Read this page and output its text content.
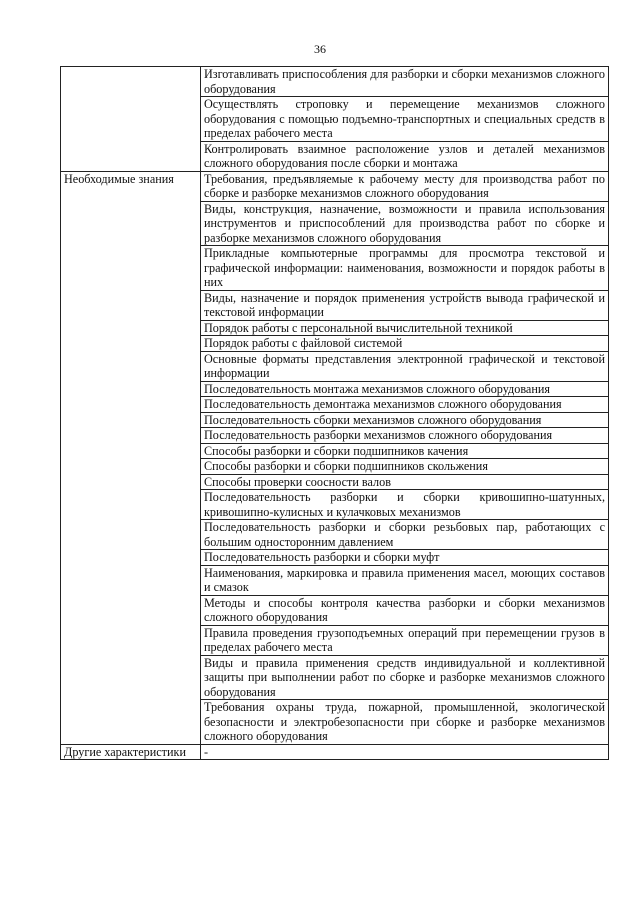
36
	Изготавливать приспособления для разборки и сборки механизмов сложного оборудования
	Осуществлять строповку и перемещение механизмов сложного оборудования с помощью подъемно-транспортных и специальных средств в пределах рабочего места
	Контролировать взаимное расположение узлов и деталей механизмов сложного оборудования после сборки и монтажа
Необходимые знания	Требования, предъявляемые к рабочему месту для производства работ по сборке и разборке механизмов сложного оборудования
	Виды, конструкция, назначение, возможности и правила использования инструментов и приспособлений для производства работ по сборке и разборке механизмов сложного оборудования
	Прикладные компьютерные программы для просмотра текстовой и графической информации: наименования, возможности и порядок работы в них
	Виды, назначение и порядок применения устройств вывода графической и текстовой информации
	Порядок работы с персональной вычислительной техникой
	Порядок работы с файловой системой
	Основные форматы представления электронной графической и текстовой информации
	Последовательность монтажа механизмов сложного оборудования
	Последовательность демонтажа механизмов сложного оборудования
	Последовательность сборки механизмов сложного оборудования
	Последовательность разборки механизмов сложного оборудования
	Способы разборки и сборки подшипников качения
	Способы разборки и сборки подшипников скольжения
	Способы проверки соосности валов
	Последовательность разборки и сборки кривошипно-шатунных, кривошипно-кулисных и кулачковых механизмов
	Последовательность разборки и сборки резьбовых пар, работающих с большим односторонним давлением
	Последовательность разборки и сборки муфт
	Наименования, маркировка и правила применения масел, моющих составов и смазок
	Методы и способы контроля качества разборки и сборки механизмов сложного оборудования
	Правила проведения грузоподъемных операций при перемещении грузов в пределах рабочего места
	Виды и правила применения средств индивидуальной и коллективной защиты при выполнении работ по сборке и разборке механизмов сложного оборудования
	Требования охраны труда, пожарной, промышленной, экологической безопасности и электробезопасности при сборке и разборке механизмов сложного оборудования
Другие характеристики	-
